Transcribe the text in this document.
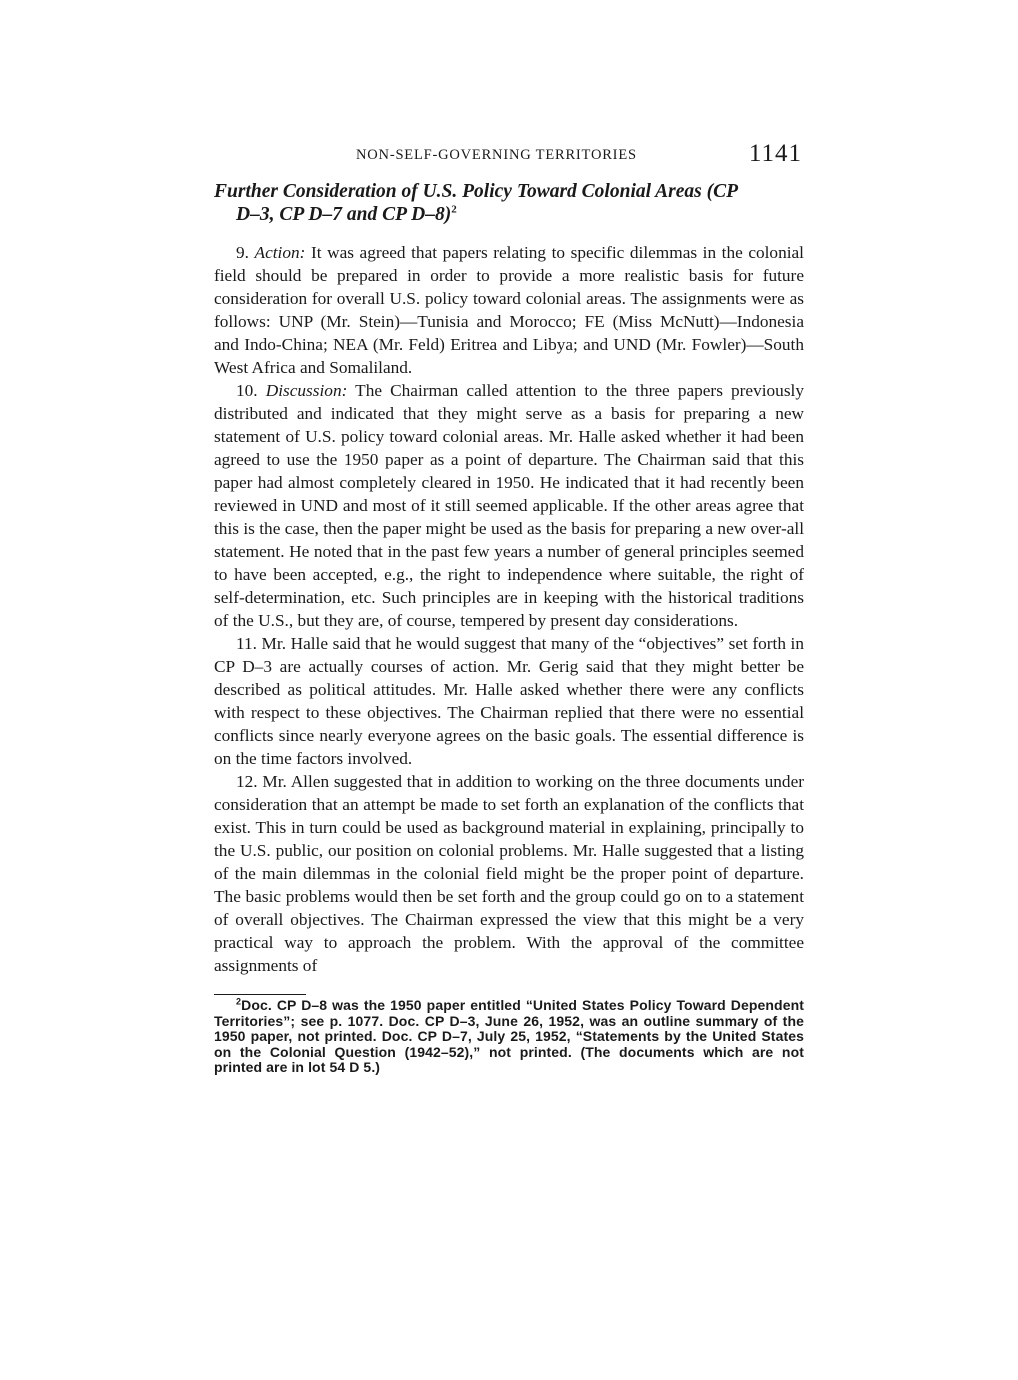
NON-SELF-GOVERNING TERRITORIES	1141
Further Consideration of U.S. Policy Toward Colonial Areas (CP
D–3, CP D–7 and CP D–8)$^2$

9. Action: It was agreed that papers relating to specific dilemmas in the colonial field should be prepared in order to provide a more realistic basis for future consideration for overall U.S. policy toward colonial areas. The assignments were as follows: UNP (Mr. Stein)—Tunisia and Morocco; FE (Miss McNutt)—Indonesia and Indo-China; NEA (Mr. Feld) Eritrea and Libya; and UND (Mr. Fowler)—South West Africa and Somaliland.

10. Discussion: The Chairman called attention to the three papers previously distributed and indicated that they might serve as a basis for preparing a new statement of U.S. policy toward colonial areas. Mr. Halle asked whether it had been agreed to use the 1950 paper as a point of departure. The Chairman said that this paper had almost completely cleared in 1950. He indicated that it had recently been reviewed in UND and most of it still seemed applicable. If the other areas agree that this is the case, then the paper might be used as the basis for preparing a new over-all statement. He noted that in the past few years a number of general principles seemed to have been accepted, e.g., the right to independence where suitable, the right of self-determination, etc. Such principles are in keeping with the historical traditions of the U.S., but they are, of course, tempered by present day considerations.

11. Mr. Halle said that he would suggest that many of the “objectives” set forth in CP D–3 are actually courses of action. Mr. Gerig said that they might better be described as political attitudes. Mr. Halle asked whether there were any conflicts with respect to these objectives. The Chairman replied that there were no essential conflicts since nearly everyone agrees on the basic goals. The essential difference is on the time factors involved.

12. Mr. Allen suggested that in addition to working on the three documents under consideration that an attempt be made to set forth an explanation of the conflicts that exist. This in turn could be used as background material in explaining, principally to the U.S. public, our position on colonial problems. Mr. Halle suggested that a listing of the main dilemmas in the colonial field might be the proper point of departure. The basic problems would then be set forth and the group could go on to a statement of overall objectives. The Chairman expressed the view that this might be a very practical way to approach the problem. With the approval of the committee assignments of

$^2$Doc. CP D–8 was the 1950 paper entitled “United States Policy Toward Dependent Territories”; see p. 1077. Doc. CP D–3, June 26, 1952, was an outline summary of the 1950 paper, not printed. Doc. CP D–7, July 25, 1952, “Statements by the United States on the Colonial Question (1942–52),” not printed. (The documents which are not printed are in lot 54 D 5.)
